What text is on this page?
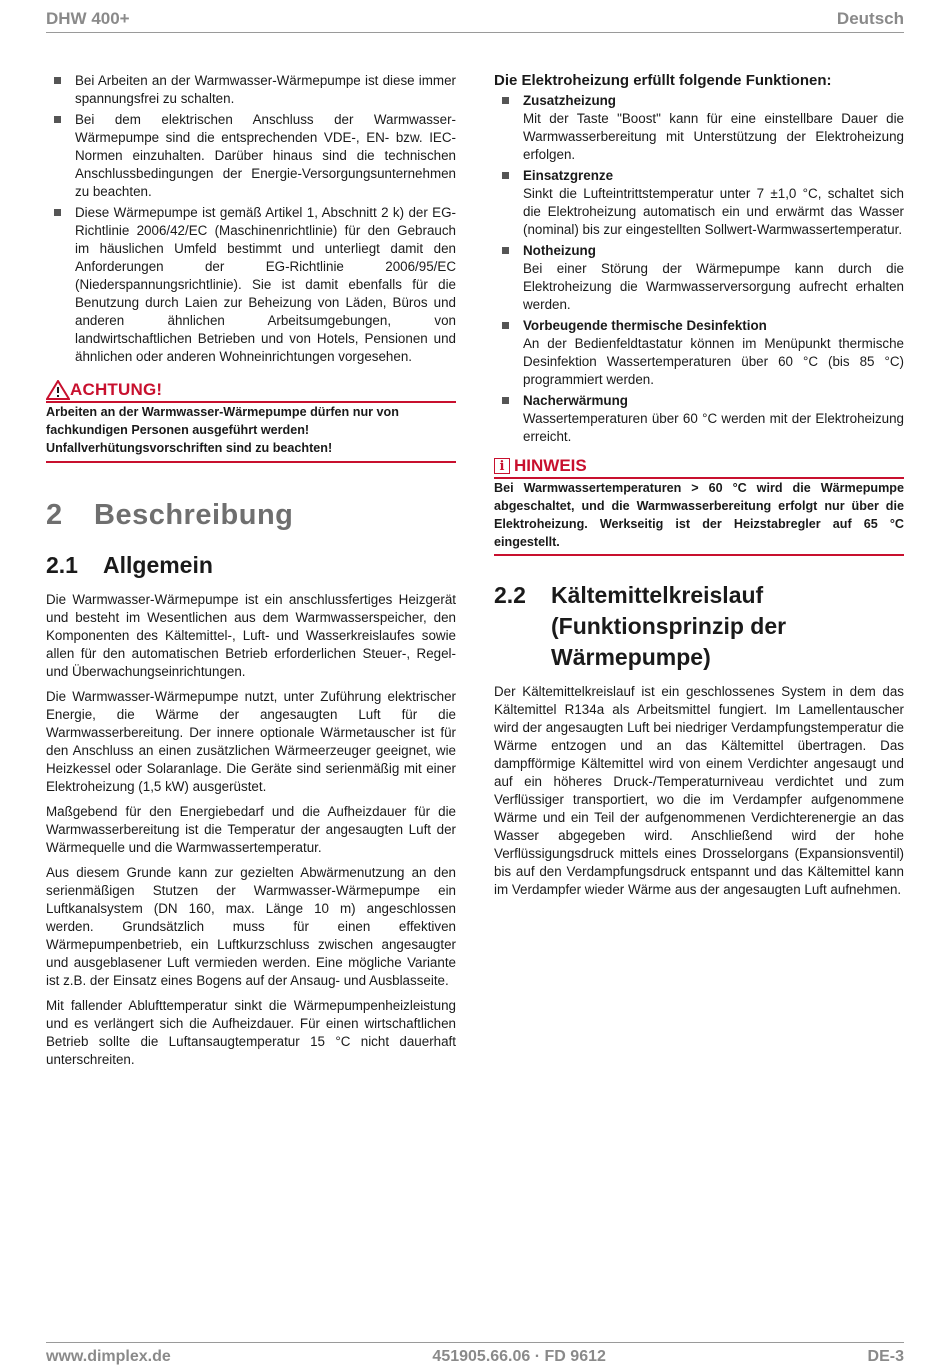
DHW 400+	Deutsch
Bei Arbeiten an der Warmwasser-Wärmepumpe ist diese immer spannungsfrei zu schalten.
Bei dem elektrischen Anschluss der Warmwasser-Wärmepumpe sind die entsprechenden VDE-, EN- bzw. IEC-Normen einzuhalten. Darüber hinaus sind die technischen Anschlussbedingungen der Energie-Versorgungsunternehmen zu beachten.
Diese Wärmepumpe ist gemäß Artikel 1, Abschnitt 2 k) der EG-Richtlinie 2006/42/EC (Maschinenrichtlinie) für den Gebrauch im häuslichen Umfeld bestimmt und unterliegt damit den Anforderungen der EG-Richtlinie 2006/95/EC (Niederspannungsrichtlinie). Sie ist damit ebenfalls für die Benutzung durch Laien zur Beheizung von Läden, Büros und anderen ähnlichen Arbeitsumgebungen, von landwirtschaftlichen Betrieben und von Hotels, Pensionen und ähnlichen oder anderen Wohneinrichtungen vorgesehen.
ACHTUNG!

Arbeiten an der Warmwasser-Wärmepumpe dürfen nur von fachkundigen Personen ausgeführt werden!

Unfallverhütungsvorschriften sind zu beachten!

2 Beschreibung
2.1	Allgemein

Die Warmwasser-Wärmepumpe ist ein anschlussfertiges Heizgerät und besteht im Wesentlichen aus dem Warmwasserspeicher, den Komponenten des Kältemittel-, Luft- und Wasserkreislaufes sowie allen für den automatischen Betrieb erforderlichen Steuer-, Regel- und Überwachungseinrichtungen.

Die Warmwasser-Wärmepumpe nutzt, unter Zuführung elektrischer Energie, die Wärme der angesaugten Luft für die Warmwasserbereitung. Der innere optionale Wärmetauscher ist für den Anschluss an einen zusätzlichen Wärmeerzeuger geeignet, wie Heizkessel oder Solaranlage. Die Geräte sind serienmäßig mit einer Elektroheizung (1,5 kW) ausgerüstet.

Maßgebend für den Energiebedarf und die Aufheizdauer für die Warmwasserbereitung ist die Temperatur der angesaugten Luft der Wärmequelle und die Warmwassertemperatur.

Aus diesem Grunde kann zur gezielten Abwärmenutzung an den serienmäßigen Stutzen der Warmwasser-Wärmepumpe ein Luftkanalsystem (DN 160, max. Länge 10 m) angeschlossen werden. Grundsätzlich muss für einen effektiven Wärmepumpenbetrieb, ein Luftkurzschluss zwischen angesaugter und ausgeblasener Luft vermieden werden. Eine mögliche Variante ist z.B. der Einsatz eines Bogens auf der Ansaug- und Ausblasseite.

Mit fallender Ablufttemperatur sinkt die Wärmepumpenheizleistung und es verlängert sich die Aufheizdauer. Für einen wirtschaftlichen Betrieb sollte die Luftansaugtemperatur 15 °C nicht dauerhaft unterschreiten.

Die Elektroheizung erfüllt folgende Funktionen:
Zusatzheizung
Mit der Taste "Boost" kann für eine einstellbare Dauer die Warmwasserbereitung mit Unterstützung der Elektroheizung erfolgen.
Einsatzgrenze
Sinkt die Lufteintrittstemperatur unter 7 ±1,0 °C, schaltet sich die Elektroheizung automatisch ein und erwärmt das Wasser (nominal) bis zur eingestellten Sollwert-Warmwassertemperatur.
Notheizung
Bei einer Störung der Wärmepumpe kann durch die Elektroheizung die Warmwasserversorgung aufrecht erhalten werden.
Vorbeugende thermische Desinfektion
An der Bedienfeldtastatur können im Menüpunkt thermische Desinfektion Wassertemperaturen über 60 °C (bis 85 °C) programmiert werden.
Nacherwärmung
Wassertemperaturen über 60 °C werden mit der Elektroheizung erreicht.
i HINWEIS

Bei Warmwassertemperaturen > 60 °C wird die Wärmepumpe abgeschaltet, und die Warmwasserbereitung erfolgt nur über die Elektroheizung. Werkseitig ist der Heizstabregler auf 65 °C eingestellt.

2.2	Kältemittelkreislauf (Funktionsprinzip der Wärmepumpe)

Der Kältemittelkreislauf ist ein geschlossenes System in dem das Kältemittel R134a als Arbeitsmittel fungiert. Im Lamellentauscher wird der angesaugten Luft bei niedriger Verdampfungstemperatur die Wärme entzogen und an das Kältemittel übertragen. Das dampfförmige Kältemittel wird von einem Verdichter angesaugt und auf ein höheres Druck-/Temperaturniveau verdichtet und zum Verflüssiger transportiert, wo die im Verdampfer aufgenommene Wärme und ein Teil der aufgenommenen Verdichterenergie an das Wasser abgegeben wird. Anschließend wird der hohe Verflüssigungsdruck mittels eines Drosselorgans (Expansionsventil) bis auf den Verdampfungsdruck entspannt und das Kältemittel kann im Verdampfer wieder Wärme aus der angesaugten Luft aufnehmen.

www.dimplex.de	451905.66.06 · FD 9612	DE-3
